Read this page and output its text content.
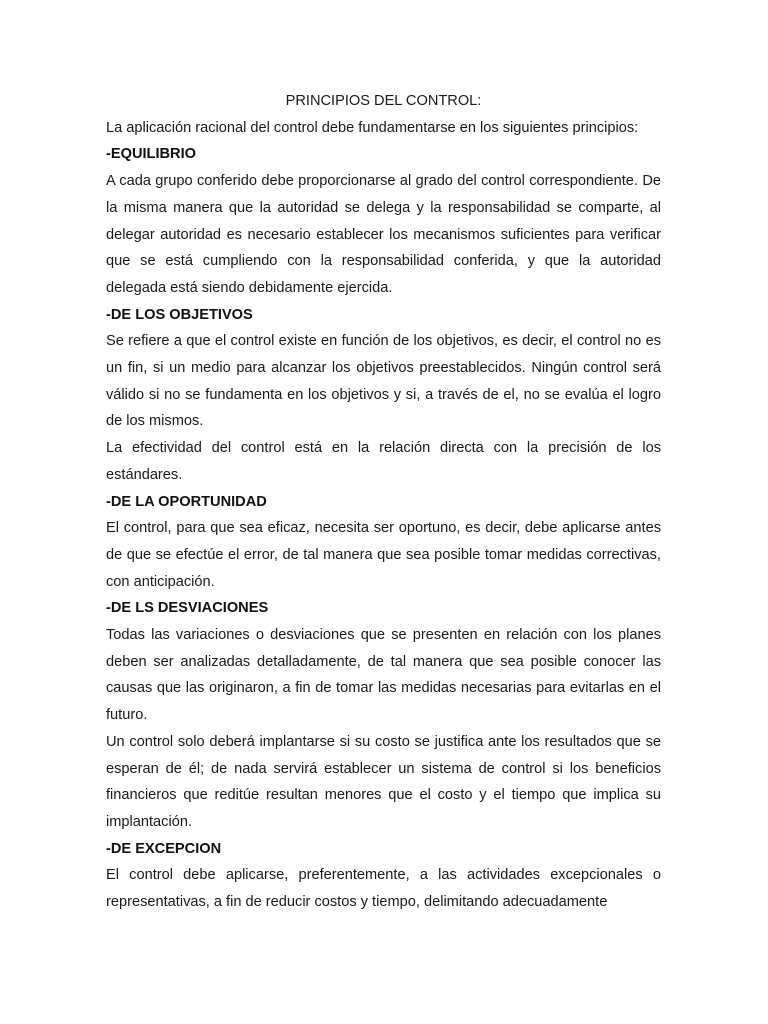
PRINCIPIOS DEL CONTROL:

La aplicación racional del control debe fundamentarse en los siguientes principios:

-EQUILIBRIO

A cada grupo conferido debe proporcionarse al grado del control correspondiente. De la misma manera que la autoridad se delega y la responsabilidad se comparte, al delegar autoridad es necesario establecer los mecanismos suficientes para verificar que se está cumpliendo con la responsabilidad conferida, y que la autoridad delegada está siendo debidamente ejercida.

-DE LOS OBJETIVOS

Se refiere a que el control existe en función de los objetivos, es decir, el control no es un fin, si un medio para alcanzar los objetivos preestablecidos. Ningún control será válido si no se fundamenta en los objetivos y si, a través de el, no se evalúa el logro de los mismos.

La efectividad del control está en la relación directa con la precisión de los estándares.

-DE LA OPORTUNIDAD

El control, para que sea eficaz, necesita ser oportuno, es decir, debe aplicarse antes de que se efectúe el error, de tal manera que sea posible tomar medidas correctivas, con anticipación.

-DE LS DESVIACIONES

Todas las variaciones o desviaciones que se presenten en relación con los planes deben ser analizadas detalladamente, de tal manera que sea posible conocer las causas que las originaron, a fin de tomar las medidas necesarias para evitarlas en el futuro.

Un control solo deberá implantarse si su costo se justifica ante los resultados que se esperan de él; de nada servirá establecer un sistema de control si los beneficios financieros que reditúe resultan menores que el costo y el tiempo que implica su implantación.

-DE EXCEPCION

El control debe aplicarse, preferentemente, a las actividades excepcionales o representativas, a fin de reducir costos y tiempo, delimitando adecuadamente
